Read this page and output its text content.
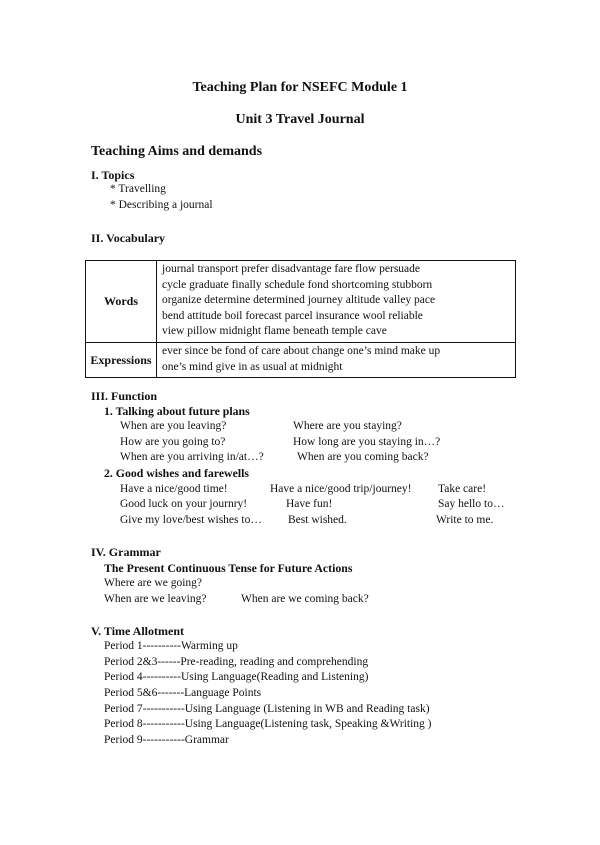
Teaching Plan for NSEFC Module 1
Unit 3 Travel Journal
Teaching Aims and demands
I. Topics
* Travelling
* Describing a journal
II. Vocabulary
Words	journal transport prefer disadvantage fare flow persuade
cycle graduate finally schedule fond shortcoming stubborn
organize determine determined journey altitude valley pace
bend attitude boil forecast parcel insurance wool reliable
view pillow midnight flame beneath temple cave

Expressions	ever since be fond of care about change one’s mind make up
one’s mind give in as usual at midnight
III. Function
1. Talking about future plans
When are you leaving?	Where are you staying?
How are you going to?	How long are you staying in…?
When are you arriving in/at…?	When are you coming back?
2. Good wishes and farewells
Have a nice/good time!	Have a nice/good trip/journey! Take care!
Good luck on your journry!	Have fun!	Say hello to…
Give my love/best wishes to… Best wished.	Write to me.
IV. Grammar
The Present Continuous Tense for Future Actions
Where are we going?
When are we leaving?	When are we coming back?
V. Time Allotment
Period 1----------Warming up
Period 2&3------Pre-reading, reading and comprehending
Period 4----------Using Language(Reading and Listening)
Period 5&6-------Language Points
Period 7-----------Using Language (Listening in WB and Reading task)
Period 8-----------Using Language(Listening task, Speaking &Writing )
Period 9-----------Grammar
